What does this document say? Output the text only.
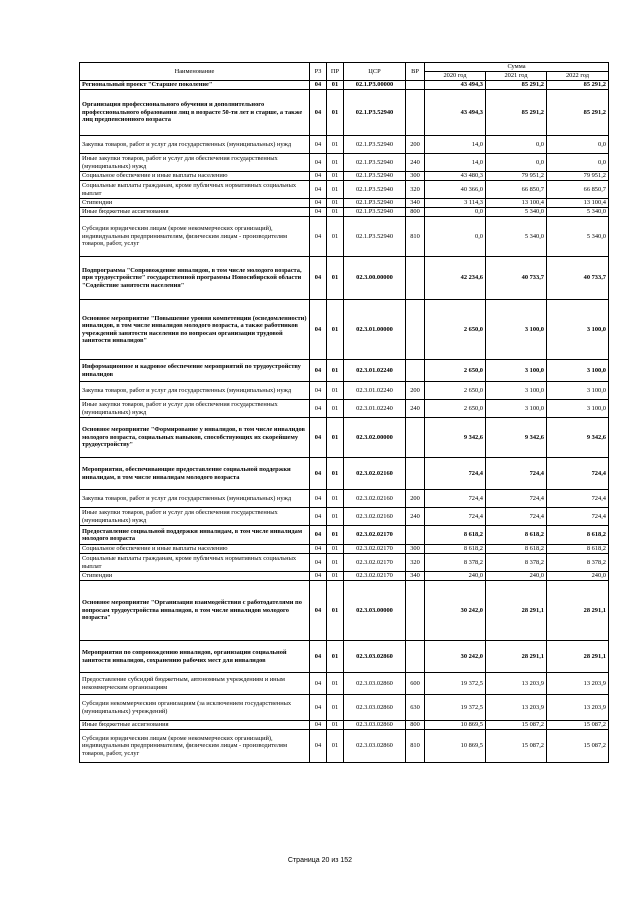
Наименование	РЗ	ПР	ЦСР	ВР	Сумма		
					2020 год	2021 год	2022 год
Региональный проект "Старшее поколение"	04	01	02.1.P3.00000		43 494,3	85 291,2	85 291,2
Организация профессионального обучения и дополнительного профессионального образования лиц в возрасте 50-ти лет и старше, а также лиц предпенсионного возраста	04	01	02.1.P3.52940		43 494,3	85 291,2	85 291,2
Закупка товаров, работ и услуг для государственных (муниципальных) нужд	04	01	02.1.P3.52940	200	14,0	0,0	0,0
Иные закупки товаров, работ и услуг для обеспечения государственных (муниципальных) нужд	04	01	02.1.P3.52940	240	14,0	0,0	0,0
Социальное обеспечение и иные выплаты населению	04	01	02.1.P3.52940	300	43 480,3	79 951,2	79 951,2
Социальные выплаты гражданам, кроме публичных нормативных социальных выплат	04	01	02.1.P3.52940	320	40 366,0	66 850,7	66 850,7
Стипендии	04	01	02.1.P3.52940	340	3 114,3	13 100,4	13 100,4
Иные бюджетные ассигнования	04	01	02.1.P3.52940	800	0,0	5 340,0	5 340,0
Субсидии юридическим лицам (кроме некоммерческих организаций), индивидуальным предпринимателям, физическим лицам - производителям товаров, работ, услуг	04	01	02.1.P3.52940	810	0,0	5 340,0	5 340,0
Подпрограмма "Сопровождение инвалидов, в том числе молодого возраста, при трудоустройстве" государственной программы Новосибирской области "Содействие занятости населения"	04	01	02.3.00.00000		42 234,6	40 733,7	40 733,7
Основное мероприятие "Повышение уровня компетенции (осведомленности) инвалидов, в том числе инвалидов молодого возраста, а также работников учреждений занятости населения по вопросам организации трудовой занятости инвалидов"	04	01	02.3.01.00000		2 650,0	3 100,0	3 100,0
Информационное и кадровое обеспечение мероприятий по трудоустройству инвалидов	04	01	02.3.01.02240		2 650,0	3 100,0	3 100,0
Закупка товаров, работ и услуг для государственных (муниципальных) нужд	04	01	02.3.01.02240	200	2 650,0	3 100,0	3 100,0
Иные закупки товаров, работ и услуг для обеспечения государственных (муниципальных) нужд	04	01	02.3.01.02240	240	2 650,0	3 100,0	3 100,0
Основное мероприятие "Формирование у инвалидов, в том числе инвалидов молодого возраста, социальных навыков, способствующих их скорейшему трудоустройству"	04	01	02.3.02.00000		9 342,6	9 342,6	9 342,6
Мероприятия, обеспечивающие предоставление социальной поддержки инвалидам, в том числе инвалидам молодого возраста	04	01	02.3.02.02160		724,4	724,4	724,4
Закупка товаров, работ и услуг для государственных (муниципальных) нужд	04	01	02.3.02.02160	200	724,4	724,4	724,4
Иные закупки товаров, работ и услуг для обеспечения государственных (муниципальных) нужд	04	01	02.3.02.02160	240	724,4	724,4	724,4
Предоставление социальной поддержки инвалидам, в том числе инвалидам молодого возраста	04	01	02.3.02.02170		8 618,2	8 618,2	8 618,2
Социальное обеспечение и иные выплаты населению	04	01	02.3.02.02170	300	8 618,2	8 618,2	8 618,2
Социальные выплаты гражданам, кроме публичных нормативных социальных выплат	04	01	02.3.02.02170	320	8 378,2	8 378,2	8 378,2
Стипендии	04	01	02.3.02.02170	340	240,0	240,0	240,0
Основное мероприятие "Организация взаимодействия с работодателями по вопросам трудоустройства инвалидов, в том числе инвалидов молодого возраста"	04	01	02.3.03.00000		30 242,0	28 291,1	28 291,1
Мероприятия по сопровождению инвалидов, организации социальной занятости инвалидов, сохранению рабочих мест для инвалидов	04	01	02.3.03.02860		30 242,0	28 291,1	28 291,1
Предоставление субсидий бюджетным, автономным учреждениям и иным некоммерческим организациям	04	01	02.3.03.02860	600	19 372,5	13 203,9	13 203,9
Субсидии некоммерческим организациям (за исключением государственных (муниципальных) учреждений)	04	01	02.3.03.02860	630	19 372,5	13 203,9	13 203,9
Иные бюджетные ассигнования	04	01	02.3.03.02860	800	10 869,5	15 087,2	15 087,2
Субсидии юридическим лицам (кроме некоммерческих организаций), индивидуальным предпринимателям, физическим лицам - производителям товаров, работ, услуг	04	01	02.3.03.02860	810	10 869,5	15 087,2	15 087,2
Страница 20 из 152
